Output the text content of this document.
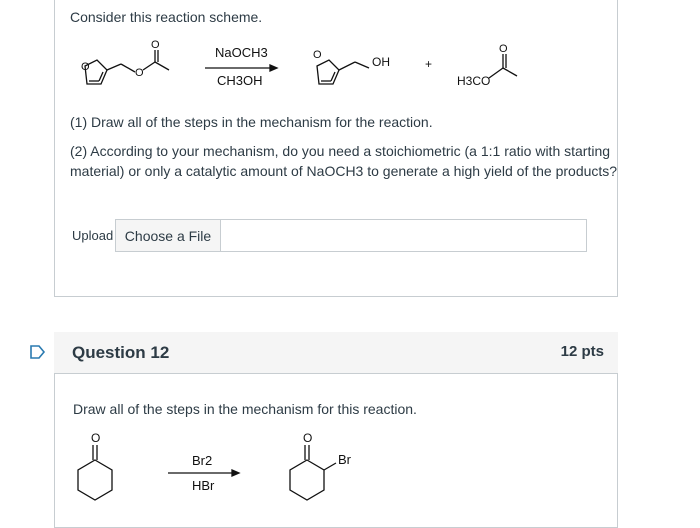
Consider this reaction scheme.
O	O
O	NaOCH3
CH3OH
O	OH	+
H3CO
O
(1) Draw all of the steps in the mechanism for the reaction.
(2) According to your mechanism, do you need a stoichiometric (a 1:1 ratio with starting
material) or only a catalytic amount of NaOCH3 to generate a high yield of the products?
Upload Choose a File
Question 12	12 pts
Draw all of the steps in the mechanism for this reaction.
O
Br2
HBr
O
Br
